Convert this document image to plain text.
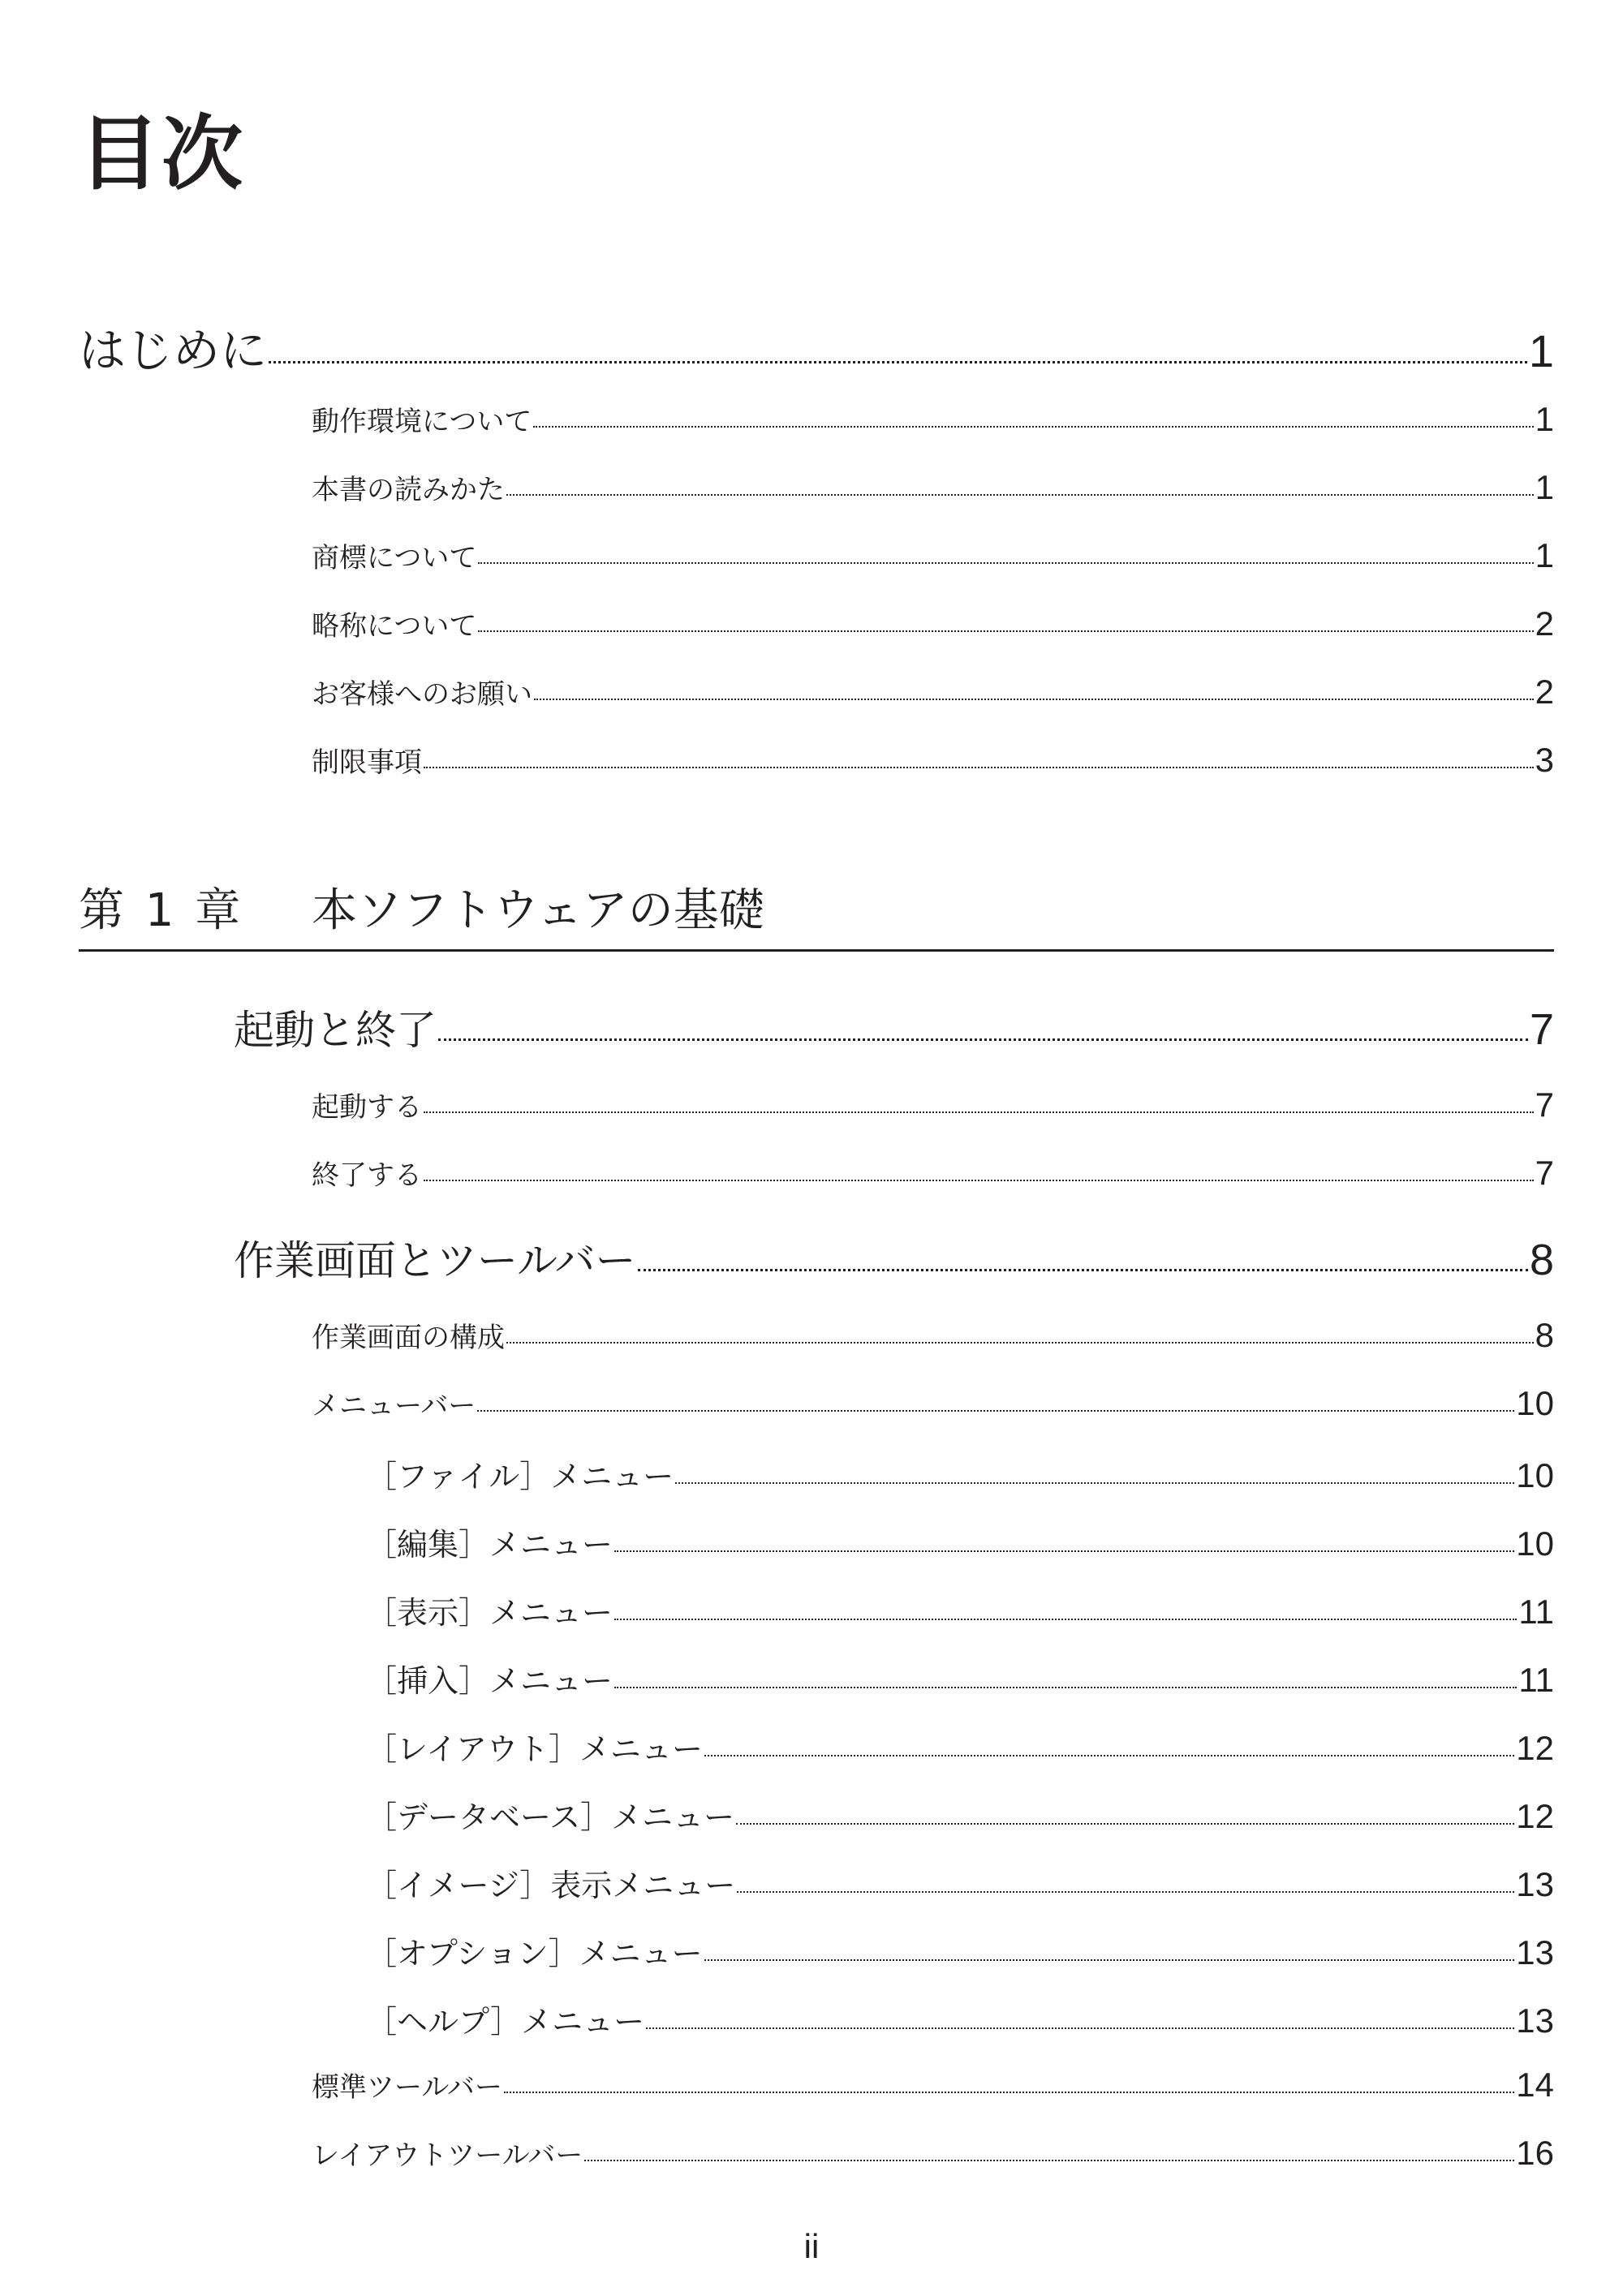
目次
はじめに	1
動作環境について	1
本書の読みかた	1
商標について	1
略称について	2
お客様へのお願い	2
制限事項	3
第 1 章 本ソフトウェアの基礎
起動と終了	7
起動する	7
終了する	7
作業画面とツールバー	8
作業画面の構成	8
メニューバー	10
［ファイル］メニュー	10
［編集］メニュー	10
［表示］メニュー	11
［挿入］メニュー	11
［レイアウト］メニュー	12
［データベース］メニュー	12
［イメージ］表示メニュー	13
［オプション］メニュー	13
［ヘルプ］メニュー	13
標準ツールバー	14
レイアウトツールバー	16
ii
